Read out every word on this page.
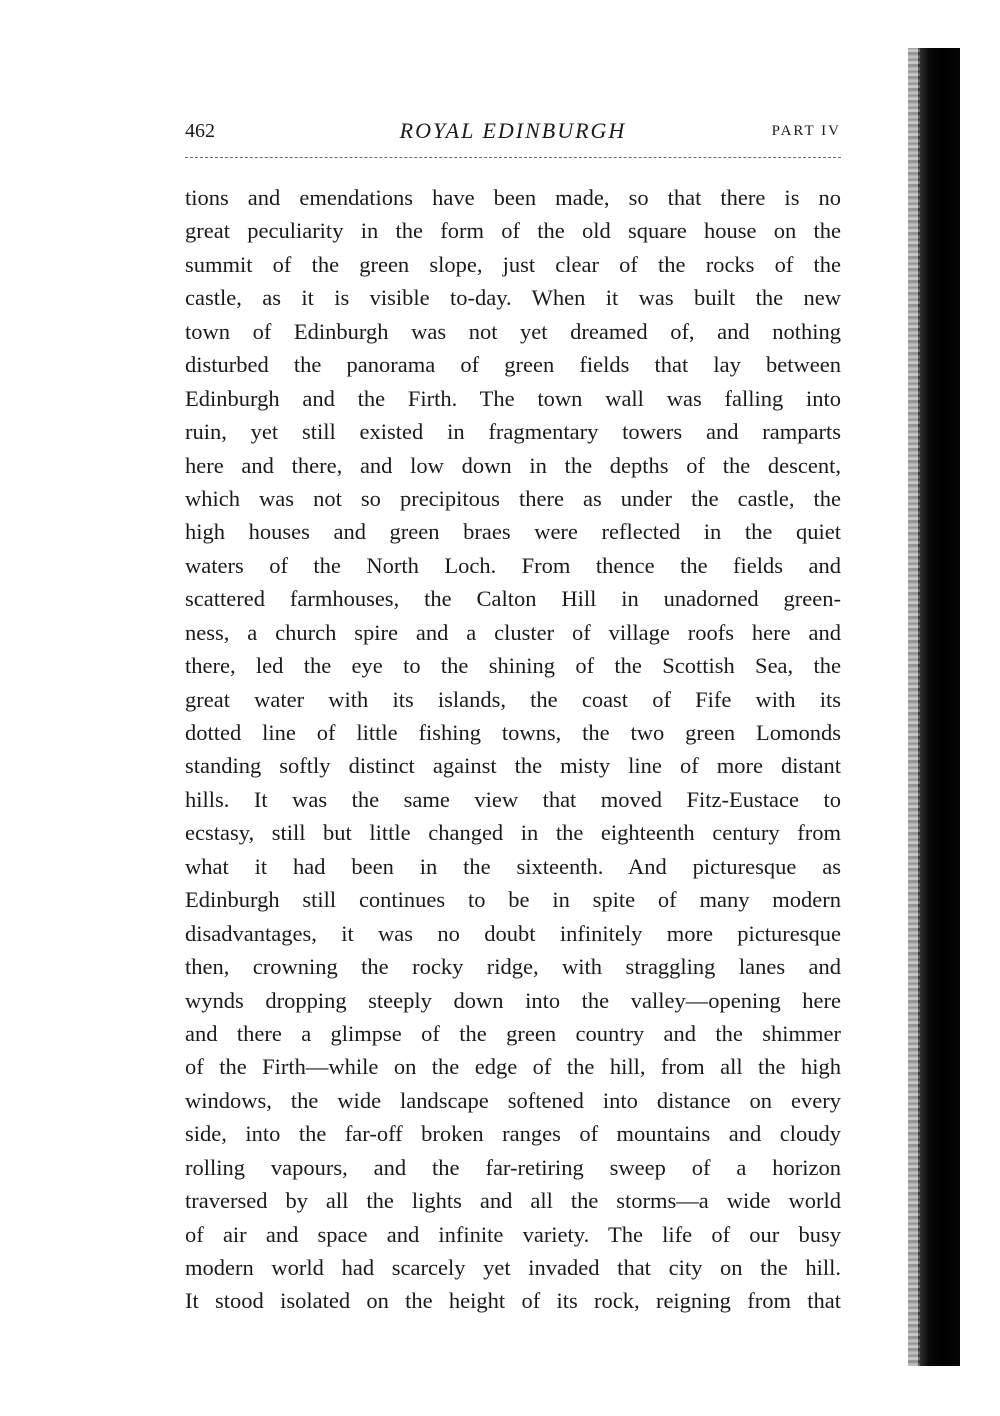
462	ROYAL EDINBURGH	PART IV
tions and emendations have been made, so that there is no
great peculiarity in the form of the old square house on the
summit of the green slope, just clear of the rocks of the
castle, as it is visible to-day. When it was built the new
town of Edinburgh was not yet dreamed of, and nothing
disturbed the panorama of green fields that lay between
Edinburgh and the Firth. The town wall was falling into
ruin, yet still existed in fragmentary towers and ramparts
here and there, and low down in the depths of the descent,
which was not so precipitous there as under the castle, the
high houses and green braes were reflected in the quiet
waters of the North Loch. From thence the fields and
scattered farmhouses, the Calton Hill in unadorned green-
ness, a church spire and a cluster of village roofs here and
there, led the eye to the shining of the Scottish Sea, the
great water with its islands, the coast of Fife with its
dotted line of little fishing towns, the two green Lomonds
standing softly distinct against the misty line of more distant
hills. It was the same view that moved Fitz-Eustace to
ecstasy, still but little changed in the eighteenth century from
what it had been in the sixteenth. And picturesque as
Edinburgh still continues to be in spite of many modern
disadvantages, it was no doubt infinitely more picturesque
then, crowning the rocky ridge, with straggling lanes and
wynds dropping steeply down into the valley—opening here
and there a glimpse of the green country and the shimmer
of the Firth—while on the edge of the hill, from all the high
windows, the wide landscape softened into distance on every
side, into the far-off broken ranges of mountains and cloudy
rolling vapours, and the far-retiring sweep of a horizon
traversed by all the lights and all the storms—a wide world
of air and space and infinite variety. The life of our busy
modern world had scarcely yet invaded that city on the hill.
It stood isolated on the height of its rock, reigning from that
